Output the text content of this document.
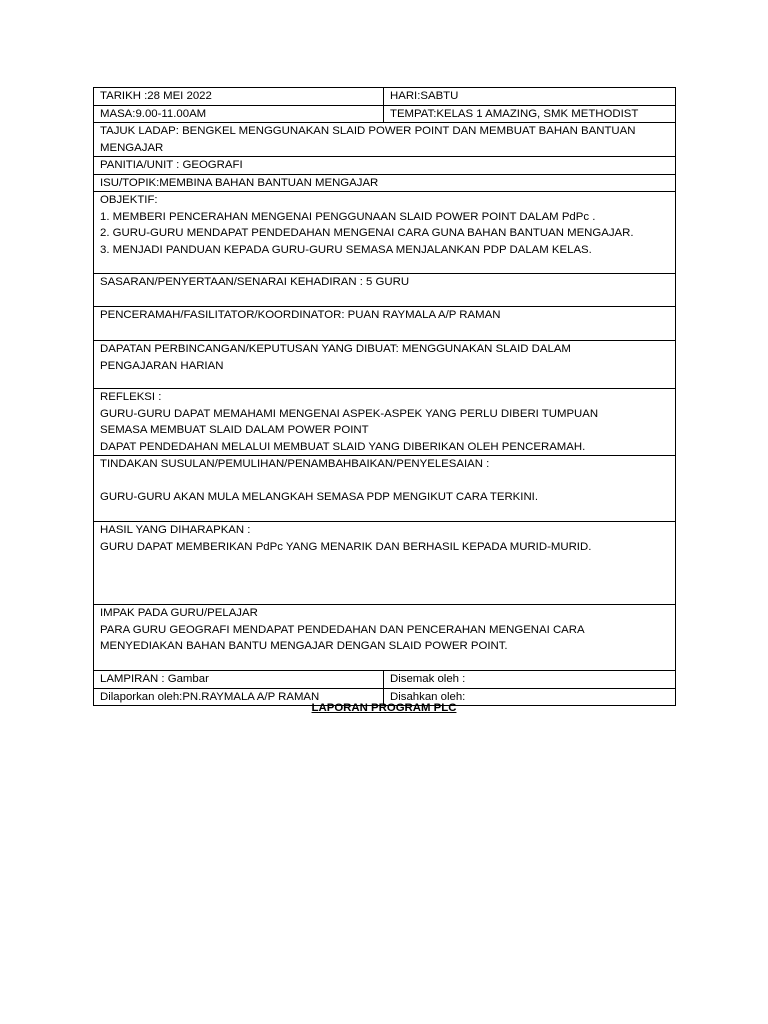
TARIKH :28 MEI 2022	HARI:SABTU
MASA:9.00-11.00AM	TEMPAT:KELAS 1 AMAZING, SMK METHODIST

TAJUK LADAP: BENGKEL MENGGUNAKAN SLAID POWER POINT DAN MEMBUAT BAHAN BANTUAN
MENGAJAR	

PANITIA/UNIT : GEOGRAFI	
ISU/TOPIK:MEMBINA BAHAN BANTUAN MENGAJAR	

OBJEKTIF:
1. MEMBERI PENCERAHAN MENGENAI PENGGUNAAN SLAID POWER POINT DALAM PdPc .
2. GURU-GURU MENDAPAT PENDEDAHAN MENGENAI CARA GUNA BAHAN BANTUAN MENGAJAR.
3. MENJADI PANDUAN KEPADA GURU-GURU SEMASA MENJALANKAN PDP DALAM KELAS.	

SASARAN/PENYERTAAN/SENARAI KEHADIRAN : 5 GURU	
PENCERAMAH/FASILITATOR/KOORDINATOR: PUAN RAYMALA A/P RAMAN	

DAPATAN PERBINCANGAN/KEPUTUSAN YANG DIBUAT: MENGGUNAKAN SLAID DALAM
PENGAJARAN HARIAN	

REFLEKSI :
GURU-GURU DAPAT MEMAHAMI MENGENAI ASPEK-ASPEK YANG PERLU DIBERI TUMPUAN
SEMASA MEMBUAT SLAID DALAM POWER POINT
DAPAT PENDEDAHAN MELALUI MEMBUAT SLAID YANG DIBERIKAN OLEH PENCERAMAH.	

TINDAKAN SUSULAN/PEMULIHAN/PENAMBAHBAIKAN/PENYELESAIAN :
GURU-GURU AKAN MULA MELANGKAH SEMASA PDP MENGIKUT CARA TERKINI.	

HASIL YANG DIHARAPKAN :
GURU DAPAT MEMBERIKAN PdPc YANG MENARIK DAN BERHASIL KEPADA MURID-MURID.	

IMPAK PADA GURU/PELAJAR
PARA GURU GEOGRAFI MENDAPAT PENDEDAHAN DAN PENCERAHAN MENGENAI CARA
MENYEDIAKAN BAHAN BANTU MENGAJAR DENGAN SLAID POWER POINT.	

LAMPIRAN : Gambar	Disemak oleh :
Dilaporkan oleh:PN.RAYMALA A/P RAMAN	Disahkan oleh:
LAPORAN PROGRAM PLC
